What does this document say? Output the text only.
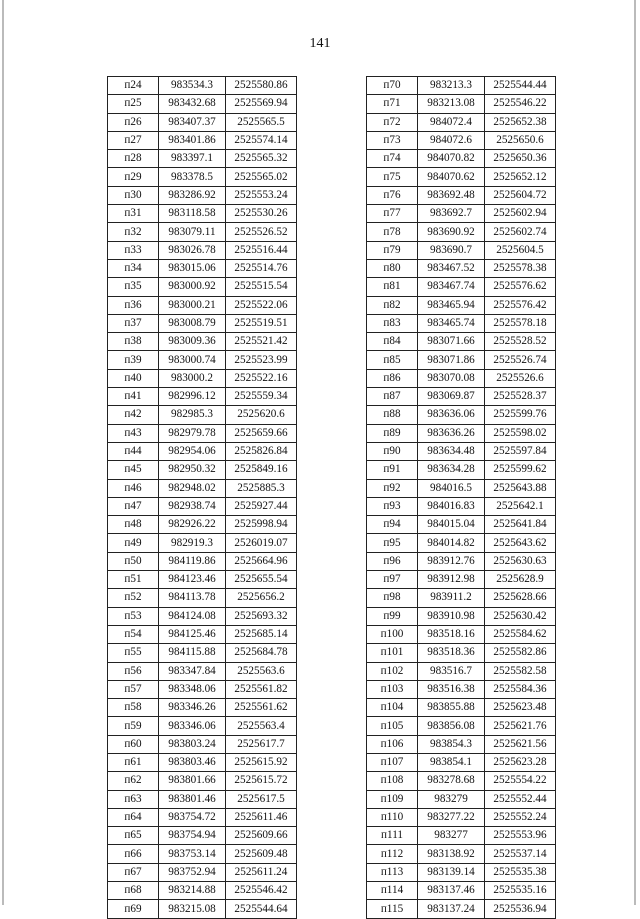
141
п24	983534.3	2525580.86
п25	983432.68	2525569.94
п26	983407.37	2525565.5
п27	983401.86	2525574.14
п28	983397.1	2525565.32
п29	983378.5	2525565.02
п30	983286.92	2525553.24
п31	983118.58	2525530.26
п32	983079.11	2525526.52
п33	983026.78	2525516.44
п34	983015.06	2525514.76
п35	983000.92	2525515.54
п36	983000.21	2525522.06
п37	983008.79	2525519.51
п38	983009.36	2525521.42
п39	983000.74	2525523.99
п40	983000.2	2525522.16
п41	982996.12	2525559.34
п42	982985.3	2525620.6
п43	982979.78	2525659.66
п44	982954.06	2525826.84
п45	982950.32	2525849.16
п46	982948.02	2525885.3
п47	982938.74	2525927.44
п48	982926.22	2525998.94
п49	982919.3	2526019.07
п50	984119.86	2525664.96
п51	984123.46	2525655.54
п52	984113.78	2525656.2
п53	984124.08	2525693.32
п54	984125.46	2525685.14
п55	984115.88	2525684.78
п56	983347.84	2525563.6
п57	983348.06	2525561.82
п58	983346.26	2525561.62
п59	983346.06	2525563.4
п60	983803.24	2525617.7
п61	983803.46	2525615.92
п62	983801.66	2525615.72
п63	983801.46	2525617.5
п64	983754.72	2525611.46
п65	983754.94	2525609.66
п66	983753.14	2525609.48
п67	983752.94	2525611.24
п68	983214.88	2525546.42
п69	983215.08	2525544.64
п70	983213.3	2525544.44
п71	983213.08	2525546.22
п72	984072.4	2525652.38
п73	984072.6	2525650.6
п74	984070.82	2525650.36
п75	984070.62	2525652.12
п76	983692.48	2525604.72
п77	983692.7	2525602.94
п78	983690.92	2525602.74
п79	983690.7	2525604.5
п80	983467.52	2525578.38
п81	983467.74	2525576.62
п82	983465.94	2525576.42
п83	983465.74	2525578.18
п84	983071.66	2525528.52
п85	983071.86	2525526.74
п86	983070.08	2525526.6
п87	983069.87	2525528.37
п88	983636.06	2525599.76
п89	983636.26	2525598.02
п90	983634.48	2525597.84
п91	983634.28	2525599.62
п92	984016.5	2525643.88
п93	984016.83	2525642.1
п94	984015.04	2525641.84
п95	984014.82	2525643.62
п96	983912.76	2525630.63
п97	983912.98	2525628.9
п98	983911.2	2525628.66
п99	983910.98	2525630.42
п100	983518.16	2525584.62
п101	983518.36	2525582.86
п102	983516.7	2525582.58
п103	983516.38	2525584.36
п104	983855.88	2525623.48
п105	983856.08	2525621.76
п106	983854.3	2525621.56
п107	983854.1	2525623.28
п108	983278.68	2525554.22
п109	983279	2525552.44
п110	983277.22	2525552.24
п111	983277	2525553.96
п112	983138.92	2525537.14
п113	983139.14	2525535.38
п114	983137.46	2525535.16
п115	983137.24	2525536.94
